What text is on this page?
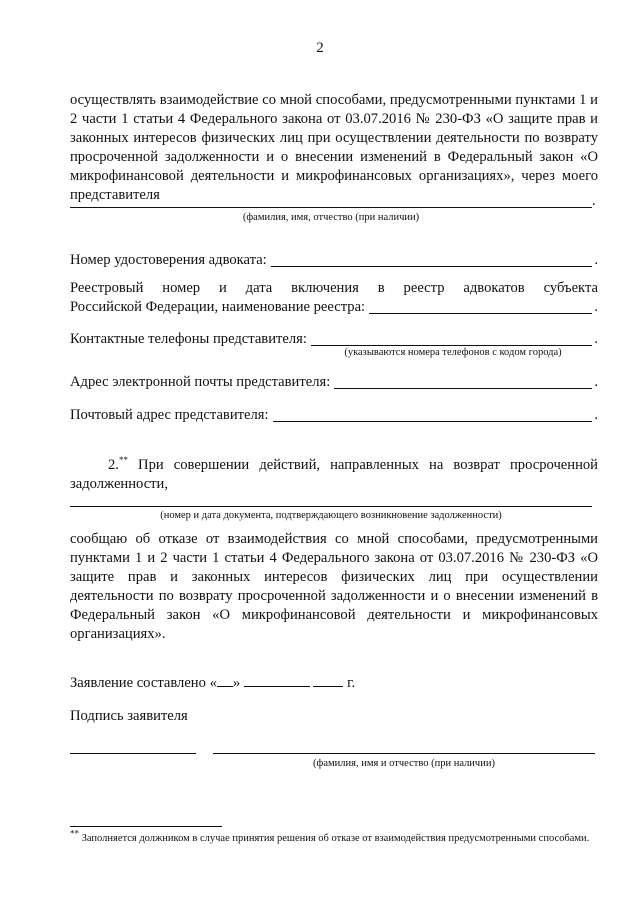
2
осуществлять взаимодействие со мной способами, предусмотренными пунктами 1 и 2 части 1 статьи 4 Федерального закона от 03.07.2016 № 230-ФЗ «О защите прав и законных интересов физических лиц при осуществлении деятельности по возврату просроченной задолженности и о внесении изменений в Федеральный закон «О микрофинансовой деятельности и микрофинансовых организациях», через моего представителя	.
(фамилия, имя, отчество (при наличии)
Номер удостоверения адвоката:	.
Реестровый номер и дата включения в реестр адвокатов субъекта
Российской Федерации, наименование реестра:	.
Контактные телефоны представителя:	.
(указываются номера телефонов с кодом города)
Адрес электронной почты представителя:	.
Почтовый адрес представителя:	.
2.** При совершении действий, направленных на возврат просроченной задолженности,
(номер и дата документа, подтверждающего возникновение задолженности)
сообщаю об отказе от взаимодействия со мной способами, предусмотренными пунктами 1 и 2 части 1 статьи 4 Федерального закона от 03.07.2016 № 230-ФЗ «О защите прав и законных интересов физических лиц при осуществлении деятельности по возврату просроченной задолженности и о внесении изменений в Федеральный закон «О микрофинансовой деятельности и микрофинансовых организациях».
Заявление составлено « »	г.
Подпись заявителя
(фамилия, имя и отчество (при наличии)
** Заполняется должником в случае принятия решения об отказе от взаимодействия предусмотренными способами.
